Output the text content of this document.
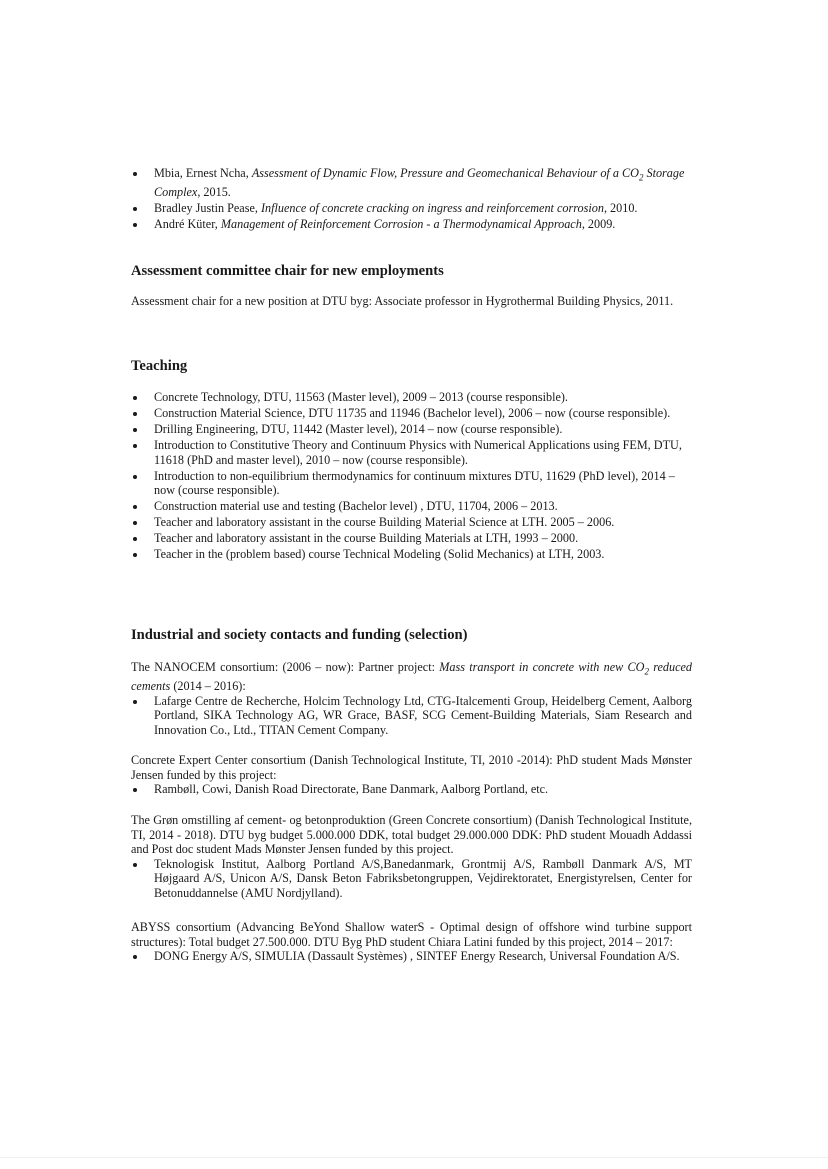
Mbia, Ernest Ncha, Assessment of Dynamic Flow, Pressure and Geomechanical Behaviour of a $CO_2$ Storage Complex, 2015.
Bradley Justin Pease, Influence of concrete cracking on ingress and reinforcement corrosion, 2010.
André Küter, Management of Reinforcement Corrosion - a Thermodynamical Approach, 2009.
Assessment committee chair for new employments

Assessment chair for a new position at DTU byg: Associate professor in Hygrothermal Building Physics, 2011.

Teaching
Concrete Technology, DTU, 11563 (Master level), 2009 – 2013 (course responsible).
Construction Material Science, DTU 11735 and 11946 (Bachelor level), 2006 – now (course responsible).
Drilling Engineering, DTU, 11442 (Master level), 2014 – now (course responsible).
Introduction to Constitutive Theory and Continuum Physics with Numerical Applications using FEM, DTU, 11618 (PhD and master level), 2010 – now (course responsible).
Introduction to non-equilibrium thermodynamics for continuum mixtures DTU, 11629 (PhD level), 2014 – now (course responsible).
Construction material use and testing (Bachelor level) , DTU, 11704, 2006 – 2013.
Teacher and laboratory assistant in the course Building Material Science at LTH. 2005 – 2006.
Teacher and laboratory assistant in the course Building Materials at LTH, 1993 – 2000.
Teacher in the (problem based) course Technical Modeling (Solid Mechanics) at LTH, 2003.
Industrial and society contacts and funding (selection)

The NANOCEM consortium: (2006 – now): Partner project: Mass transport in concrete with new $CO_2$ reduced cements (2014 – 2016):

Lafarge Centre de Recherche, Holcim Technology Ltd, CTG-Italcementi Group, Heidelberg Cement, Aalborg Portland, SIKA Technology AG, WR Grace, BASF, SCG Cement-Building Materials, Siam Research and Innovation Co., Ltd., TITAN Cement Company.

Concrete Expert Center consortium (Danish Technological Institute, TI, 2010 -2014): PhD student Mads Mønster Jensen funded by this project:

Rambøll, Cowi, Danish Road Directorate, Bane Danmark, Aalborg Portland, etc.

The Grøn omstilling af cement- og betonproduktion (Green Concrete consortium) (Danish Technological Institute, TI, 2014 - 2018). DTU byg budget 5.000.000 DDK, total budget 29.000.000 DDK: PhD student Mouadh Addassi and Post doc student Mads Mønster Jensen funded by this project.

Teknologisk Institut, Aalborg Portland A/S,Banedanmark, Grontmij A/S, Rambøll Danmark A/S, MT Højgaard A/S, Unicon A/S, Dansk Beton Fabriksbetongruppen, Vejdirektoratet, Energistyrelsen, Center for Betonuddannelse (AMU Nordjylland).

ABYSS consortium (Advancing BeYond Shallow waterS - Optimal design of offshore wind turbine support structures): Total budget 27.500.000. DTU Byg PhD student Chiara Latini funded by this project, 2014 – 2017:

DONG Energy A/S, SIMULIA (Dassault Systèmes) , SINTEF Energy Research, Universal Foundation A/S.
